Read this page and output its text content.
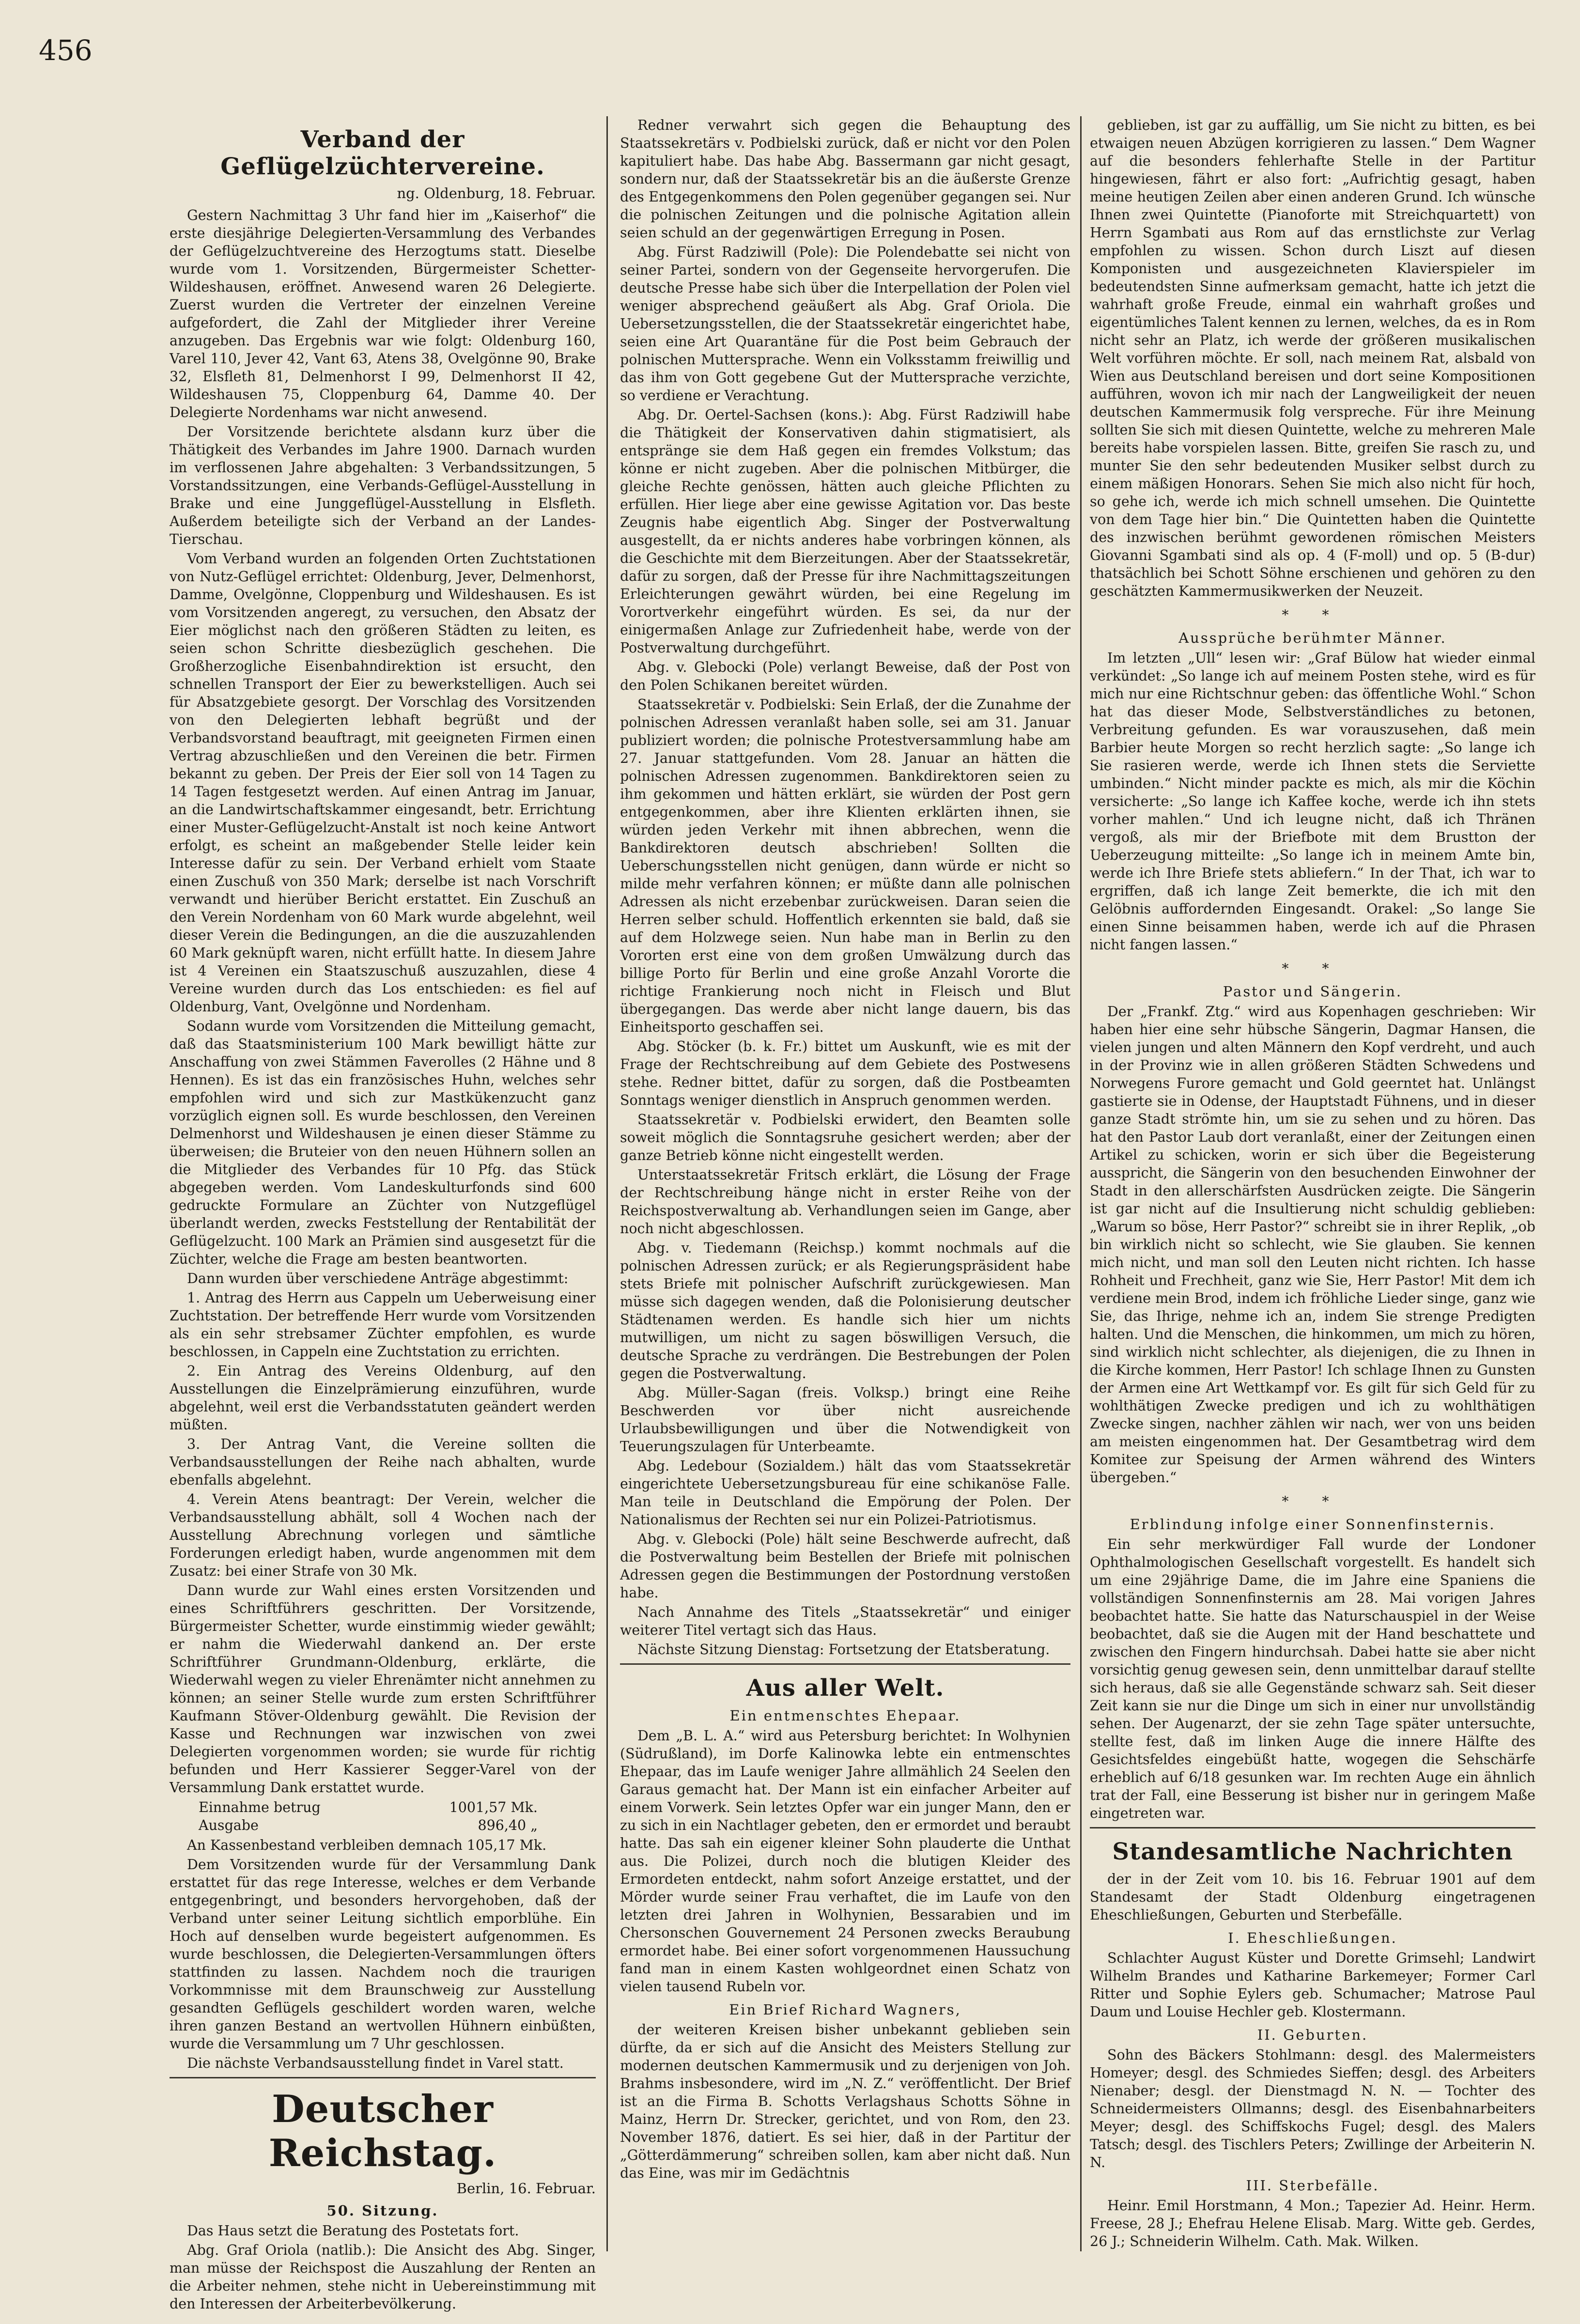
456
Verband der Geflügelzüchtervereine.
ng. Oldenburg, 18. Februar.

Gestern Nachmittag 3 Uhr fand hier im „Kaiserhof“ die erste diesjährige Delegierten-Versammlung des Verbandes der Geflügelzuchtvereine des Herzogtums statt. Dieselbe wurde vom 1. Vorsitzenden, Bürgermeister Schetter-Wildeshausen, eröffnet. Anwesend waren 26 Delegierte. Zuerst wurden die Vertreter der einzelnen Vereine aufgefordert, die Zahl der Mitglieder ihrer Vereine anzugeben. Das Ergebnis war wie folgt: Oldenburg 160, Varel 110, Jever 42, Vant 63, Atens 38, Ovelgönne 90, Brake 32, Elsfleth 81, Delmenhorst I 99, Delmenhorst II 42, Wildeshausen 75, Cloppenburg 64, Damme 40. Der Delegierte Nordenhams war nicht anwesend.

Der Vorsitzende berichtete alsdann kurz über die Thätigkeit des Verbandes im Jahre 1900. Darnach wurden im verflossenen Jahre abgehalten: 3 Verbandssitzungen, 5 Vorstandssitzungen, eine Verbands-Geflügel-Ausstellung in Brake und eine Junggeflügel-Ausstellung in Elsfleth. Außerdem beteiligte sich der Verband an der Landes-Tierschau.

Vom Verband wurden an folgenden Orten Zuchtstationen von Nutz-Geflügel errichtet: Oldenburg, Jever, Delmenhorst, Damme, Ovelgönne, Cloppenburg und Wildeshausen. Es ist vom Vorsitzenden angeregt, zu versuchen, den Absatz der Eier möglichst nach den größeren Städten zu leiten, es seien schon Schritte diesbezüglich geschehen. Die Großherzogliche Eisenbahndirektion ist ersucht, den schnellen Transport der Eier zu bewerkstelligen. Auch sei für Absatzgebiete gesorgt. Der Vorschlag des Vorsitzenden von den Delegierten lebhaft begrüßt und der Verbandsvorstand beauftragt, mit geeigneten Firmen einen Vertrag abzuschließen und den Vereinen die betr. Firmen bekannt zu geben. Der Preis der Eier soll von 14 Tagen zu 14 Tagen festgesetzt werden. Auf einen Antrag im Januar, an die Landwirtschaftskammer eingesandt, betr. Errichtung einer Muster-Geflügelzucht-Anstalt ist noch keine Antwort erfolgt, es scheint an maßgebender Stelle leider kein Interesse dafür zu sein. Der Verband erhielt vom Staate einen Zuschuß von 350 Mark; derselbe ist nach Vorschrift verwandt und hierüber Bericht erstattet. Ein Zuschuß an den Verein Nordenham von 60 Mark wurde abgelehnt, weil dieser Verein die Bedingungen, an die die auszuzahlenden 60 Mark geknüpft waren, nicht erfüllt hatte. In diesem Jahre ist 4 Vereinen ein Staatszuschuß auszuzahlen, diese 4 Vereine wurden durch das Los entschieden: es fiel auf Oldenburg, Vant, Ovelgönne und Nordenham.

Sodann wurde vom Vorsitzenden die Mitteilung gemacht, daß das Staatsministerium 100 Mark bewilligt hätte zur Anschaffung von zwei Stämmen Faverolles (2 Hähne und 8 Hennen). Es ist das ein französisches Huhn, welches sehr empfohlen wird und sich zur Mastkükenzucht ganz vorzüglich eignen soll. Es wurde beschlossen, den Vereinen Delmenhorst und Wildeshausen je einen dieser Stämme zu überweisen; die Bruteier von den neuen Hühnern sollen an die Mitglieder des Verbandes für 10 Pfg. das Stück abgegeben werden. Vom Landeskulturfonds sind 600 gedruckte Formulare an Züchter von Nutzgeflügel überlandt werden, zwecks Feststellung der Rentabilität der Geflügelzucht. 100 Mark an Prämien sind ausgesetzt für die Züchter, welche die Frage am besten beantworten.

Dann wurden über verschiedene Anträge abgestimmt:

1. Antrag des Herrn aus Cappeln um Ueberweisung einer Zuchtstation. Der betreffende Herr wurde vom Vorsitzenden als ein sehr strebsamer Züchter empfohlen, es wurde beschlossen, in Cappeln eine Zuchtstation zu errichten.

2. Ein Antrag des Vereins Oldenburg, auf den Ausstellungen die Einzelprämierung einzuführen, wurde abgelehnt, weil erst die Verbandsstatuten geändert werden müßten.

3. Der Antrag Vant, die Vereine sollten die Verbandsausstellungen der Reihe nach abhalten, wurde ebenfalls abgelehnt.

4. Verein Atens beantragt: Der Verein, welcher die Verbandsausstellung abhält, soll 4 Wochen nach der Ausstellung Abrechnung vorlegen und sämtliche Forderungen erledigt haben, wurde angenommen mit dem Zusatz: bei einer Strafe von 30 Mk.

Dann wurde zur Wahl eines ersten Vorsitzenden und eines Schriftführers geschritten. Der Vorsitzende, Bürgermeister Schetter, wurde einstimmig wieder gewählt; er nahm die Wiederwahl dankend an. Der erste Schriftführer Grundmann-Oldenburg, erklärte, die Wiederwahl wegen zu vieler Ehrenämter nicht annehmen zu können; an seiner Stelle wurde zum ersten Schriftführer Kaufmann Stöver-Oldenburg gewählt. Die Revision der Kasse und Rechnungen war inzwischen von zwei Delegierten vorgenommen worden; sie wurde für richtig befunden und Herr Kassierer Segger-Varel von der Versammlung Dank erstattet wurde.

Einnahme betrug	1001,57 Mk.
Ausgabe	896,40 „

An Kassenbestand verbleiben demnach 105,17 Mk.

Dem Vorsitzenden wurde für der Versammlung Dank erstattet für das rege Interesse, welches er dem Verbande entgegenbringt, und besonders hervorgehoben, daß der Verband unter seiner Leitung sichtlich emporblühe. Ein Hoch auf denselben wurde begeistert aufgenommen. Es wurde beschlossen, die Delegierten-Versammlungen öfters stattfinden zu lassen. Nachdem noch die traurigen Vorkommnisse mit dem Braunschweig zur Ausstellung gesandten Geflügels geschildert worden waren, welche ihren ganzen Bestand an wertvollen Hühnern einbüßten, wurde die Versammlung um 7 Uhr geschlossen.

Die nächste Verbandsausstellung findet in Varel statt.

Deutscher Reichstag.
Berlin, 16. Februar.
50. Sitzung.

Das Haus setzt die Beratung des Postetats fort.

Abg. Graf Oriola (natlib.): Die Ansicht des Abg. Singer, man müsse der Reichspost die Auszahlung der Renten an die Arbeiter nehmen, stehe nicht in Uebereinstimmung mit den Interessen der Arbeiterbevölkerung.

Redner verwahrt sich gegen die Behauptung des Staatssekretärs v. Podbielski zurück, daß er nicht vor den Polen kapituliert habe. Das habe Abg. Bassermann gar nicht gesagt, sondern nur, daß der Staatssekretär bis an die äußerste Grenze des Entgegenkommens den Polen gegenüber gegangen sei. Nur die polnischen Zeitungen und die polnische Agitation allein seien schuld an der gegenwärtigen Erregung in Posen.

Abg. Fürst Radziwill (Pole): Die Polendebatte sei nicht von seiner Partei, sondern von der Gegenseite hervorgerufen. Die deutsche Presse habe sich über die Interpellation der Polen viel weniger absprechend geäußert als Abg. Graf Oriola. Die Uebersetzungsstellen, die der Staatssekretär eingerichtet habe, seien eine Art Quarantäne für die Post beim Gebrauch der polnischen Muttersprache. Wenn ein Volksstamm freiwillig und das ihm von Gott gegebene Gut der Muttersprache verzichte, so verdiene er Verachtung.

Abg. Dr. Oertel-Sachsen (kons.): Abg. Fürst Radziwill habe die Thätigkeit der Konservativen dahin stigmatisiert, als entspränge sie dem Haß gegen ein fremdes Volkstum; das könne er nicht zugeben. Aber die polnischen Mitbürger, die gleiche Rechte genössen, hätten auch gleiche Pflichten zu erfüllen. Hier liege aber eine gewisse Agitation vor. Das beste Zeugnis habe eigentlich Abg. Singer der Postverwaltung ausgestellt, da er nichts anderes habe vorbringen können, als die Geschichte mit dem Bierzeitungen. Aber der Staatssekretär, dafür zu sorgen, daß der Presse für ihre Nachmittagszeitungen Erleichterungen gewährt würden, bei eine Regelung im Vorortverkehr eingeführt würden. Es sei, da nur der einigermaßen Anlage zur Zufriedenheit habe, werde von der Postverwaltung durchgeführt.

Abg. v. Glebocki (Pole) verlangt Beweise, daß der Post von den Polen Schikanen bereitet würden.

Staatssekretär v. Podbielski: Sein Erlaß, der die Zunahme der polnischen Adressen veranlaßt haben solle, sei am 31. Januar publiziert worden; die polnische Protestversammlung habe am 27. Januar stattgefunden. Vom 28. Januar an hätten die polnischen Adressen zugenommen. Bankdirektoren seien zu ihm gekommen und hätten erklärt, sie würden der Post gern entgegenkommen, aber ihre Klienten erklärten ihnen, sie würden jeden Verkehr mit ihnen abbrechen, wenn die Bankdirektoren deutsch abschrieben! Sollten die Ueberschungsstellen nicht genügen, dann würde er nicht so milde mehr verfahren können; er müßte dann alle polnischen Adressen als nicht erzebenbar zurückweisen. Daran seien die Herren selber schuld. Hoffentlich erkennten sie bald, daß sie auf dem Holzwege seien. Nun habe man in Berlin zu den Vororten erst eine von dem großen Umwälzung durch das billige Porto für Berlin und eine große Anzahl Vororte die richtige Frankierung noch nicht in Fleisch und Blut übergegangen. Das werde aber nicht lange dauern, bis das Einheitsporto geschaffen sei.

Abg. Stöcker (b. k. Fr.) bittet um Auskunft, wie es mit der Frage der Rechtschreibung auf dem Gebiete des Postwesens stehe. Redner bittet, dafür zu sorgen, daß die Postbeamten Sonntags weniger dienstlich in Anspruch genommen werden.

Staatssekretär v. Podbielski erwidert, den Beamten solle soweit möglich die Sonntagsruhe gesichert werden; aber der ganze Betrieb könne nicht eingestellt werden.

Unterstaatssekretär Fritsch erklärt, die Lösung der Frage der Rechtschreibung hänge nicht in erster Reihe von der Reichspostverwaltung ab. Verhandlungen seien im Gange, aber noch nicht abgeschlossen.

Abg. v. Tiedemann (Reichsp.) kommt nochmals auf die polnischen Adressen zurück; er als Regierungspräsident habe stets Briefe mit polnischer Aufschrift zurückgewiesen. Man müsse sich dagegen wenden, daß die Polonisierung deutscher Städtenamen werden. Es handle sich hier um nichts mutwilligen, um nicht zu sagen böswilligen Versuch, die deutsche Sprache zu verdrängen. Die Bestrebungen der Polen gegen die Postverwaltung.

Abg. Müller-Sagan (freis. Volksp.) bringt eine Reihe Beschwerden vor über nicht ausreichende Urlaubsbewilligungen und über die Notwendigkeit von Teuerungszulagen für Unterbeamte.

Abg. Ledebour (Sozialdem.) hält das vom Staatssekretär eingerichtete Uebersetzungsbureau für eine schikanöse Falle. Man teile in Deutschland die Empörung der Polen. Der Nationalismus der Rechten sei nur ein Polizei-Patriotismus.

Abg. v. Glebocki (Pole) hält seine Beschwerde aufrecht, daß die Postverwaltung beim Bestellen der Briefe mit polnischen Adressen gegen die Bestimmungen der Postordnung verstoßen habe.

Nach Annahme des Titels „Staatssekretär“ und einiger weiterer Titel vertagt sich das Haus.

Nächste Sitzung Dienstag: Fortsetzung der Etatsberatung.

Aus aller Welt.
Ein entmenschtes Ehepaar.

Dem „B. L. A.“ wird aus Petersburg berichtet: In Wolhynien (Südrußland), im Dorfe Kalinowka lebte ein entmenschtes Ehepaar, das im Laufe weniger Jahre allmählich 24 Seelen den Garaus gemacht hat. Der Mann ist ein einfacher Arbeiter auf einem Vorwerk. Sein letztes Opfer war ein junger Mann, den er zu sich in ein Nachtlager gebeten, den er ermordet und beraubt hatte. Das sah ein eigener kleiner Sohn plauderte die Unthat aus. Die Polizei, durch noch die blutigen Kleider des Ermordeten entdeckt, nahm sofort Anzeige erstattet, und der Mörder wurde seiner Frau verhaftet, die im Laufe von den letzten drei Jahren in Wolhynien, Bessarabien und im Chersonschen Gouvernement 24 Personen zwecks Beraubung ermordet habe. Bei einer sofort vorgenommenen Haussuchung fand man in einem Kasten wohlgeordnet einen Schatz von vielen tausend Rubeln vor.

Ein Brief Richard Wagners,

der weiteren Kreisen bisher unbekannt geblieben sein dürfte, da er sich auf die Ansicht des Meisters Stellung zur modernen deutschen Kammermusik und zu derjenigen von Joh. Brahms insbesondere, wird im „N. Z.“ veröffentlicht. Der Brief ist an die Firma B. Schotts Verlagshaus Schotts Söhne in Mainz, Herrn Dr. Strecker, gerichtet, und von Rom, den 23. November 1876, datiert. Es sei hier, daß in der Partitur der „Götterdämmerung“ schreiben sollen, kam aber nicht daß. Nun das Eine, was mir im Gedächtnis

geblieben, ist gar zu auffällig, um Sie nicht zu bitten, es bei etwaigen neuen Abzügen korrigieren zu lassen.“ Dem Wagner auf die besonders fehlerhafte Stelle in der Partitur hingewiesen, fährt er also fort: „Aufrichtig gesagt, haben meine heutigen Zeilen aber einen anderen Grund. Ich wünsche Ihnen zwei Quintette (Pianoforte mit Streichquartett) von Herrn Sgambati aus Rom auf das ernstlichste zur Verlag empfohlen zu wissen. Schon durch Liszt auf diesen Komponisten und ausgezeichneten Klavierspieler im bedeutendsten Sinne aufmerksam gemacht, hatte ich jetzt die wahrhaft große Freude, einmal ein wahrhaft großes und eigentümliches Talent kennen zu lernen, welches, da es in Rom nicht sehr an Platz, ich werde der größeren musikalischen Welt vorführen möchte. Er soll, nach meinem Rat, alsbald von Wien aus Deutschland bereisen und dort seine Kompositionen aufführen, wovon ich mir nach der Langweiligkeit der neuen deutschen Kammermusik folg verspreche. Für ihre Meinung sollten Sie sich mit diesen Quintette, welche zu mehreren Male bereits habe vorspielen lassen. Bitte, greifen Sie rasch zu, und munter Sie den sehr bedeutenden Musiker selbst durch zu einem mäßigen Honorars. Sehen Sie mich also nicht für hoch, so gehe ich, werde ich mich schnell umsehen. Die Quintette von dem Tage hier bin.“ Die Quintetten haben die Quintette des inzwischen berühmt gewordenen römischen Meisters Giovanni Sgambati sind als op. 4 (F-moll) und op. 5 (B-dur) thatsächlich bei Schott Söhne erschienen und gehören zu den geschätzten Kammermusikwerken der Neuzeit.

* *
Aussprüche berühmter Männer.

Im letzten „Ull“ lesen wir: „Graf Bülow hat wieder einmal verkündet: „So lange ich auf meinem Posten stehe, wird es für mich nur eine Richtschnur geben: das öffentliche Wohl.“ Schon hat das dieser Mode, Selbstverständliches zu betonen, Verbreitung gefunden. Es war vorauszusehen, daß mein Barbier heute Morgen so recht herzlich sagte: „So lange ich Sie rasieren werde, werde ich Ihnen stets die Serviette umbinden.“ Nicht minder packte es mich, als mir die Köchin versicherte: „So lange ich Kaffee koche, werde ich ihn stets vorher mahlen.“ Und ich leugne nicht, daß ich Thränen vergoß, als mir der Briefbote mit dem Brustton der Ueberzeugung mitteilte: „So lange ich in meinem Amte bin, werde ich Ihre Briefe stets abliefern.“ In der That, ich war to ergriffen, daß ich lange Zeit bemerkte, die ich mit den Gelöbnis auffordernden Eingesandt. Orakel: „So lange Sie einen Sinne beisammen haben, werde ich auf die Phrasen nicht fangen lassen.“

* *
Pastor und Sängerin.

Der „Frankf. Ztg.“ wird aus Kopenhagen geschrieben: Wir haben hier eine sehr hübsche Sängerin, Dagmar Hansen, die vielen jungen und alten Männern den Kopf verdreht, und auch in der Provinz wie in allen größeren Städten Schwedens und Norwegens Furore gemacht und Gold geerntet hat. Unlängst gastierte sie in Odense, der Hauptstadt Fühnens, und in dieser ganze Stadt strömte hin, um sie zu sehen und zu hören. Das hat den Pastor Laub dort veranlaßt, einer der Zeitungen einen Artikel zu schicken, worin er sich über die Begeisterung ausspricht, die Sängerin von den besuchenden Einwohner der Stadt in den allerschärfsten Ausdrücken zeigte. Die Sängerin ist gar nicht auf die Insultierung nicht schuldig geblieben: „Warum so böse, Herr Pastor?“ schreibt sie in ihrer Replik, „ob bin wirklich nicht so schlecht, wie Sie glauben. Sie kennen mich nicht, und man soll den Leuten nicht richten. Ich hasse Rohheit und Frechheit, ganz wie Sie, Herr Pastor! Mit dem ich verdiene mein Brod, indem ich fröhliche Lieder singe, ganz wie Sie, das Ihrige, nehme ich an, indem Sie strenge Predigten halten. Und die Menschen, die hinkommen, um mich zu hören, sind wirklich nicht schlechter, als diejenigen, die zu Ihnen in die Kirche kommen, Herr Pastor! Ich schlage Ihnen zu Gunsten der Armen eine Art Wettkampf vor. Es gilt für sich Geld für zu wohlthätigen Zwecke predigen und ich zu wohlthätigen Zwecke singen, nachher zählen wir nach, wer von uns beiden am meisten eingenommen hat. Der Gesamtbetrag wird dem Komitee zur Speisung der Armen während des Winters übergeben.“

* *
Erblindung infolge einer Sonnenfinsternis.

Ein sehr merkwürdiger Fall wurde der Londoner Ophthalmologischen Gesellschaft vorgestellt. Es handelt sich um eine 29jährige Dame, die im Jahre eine Spaniens die vollständigen Sonnenfinsternis am 28. Mai vorigen Jahres beobachtet hatte. Sie hatte das Naturschauspiel in der Weise beobachtet, daß sie die Augen mit der Hand beschattete und zwischen den Fingern hindurchsah. Dabei hatte sie aber nicht vorsichtig genug gewesen sein, denn unmittelbar darauf stellte sich heraus, daß sie alle Gegenstände schwarz sah. Seit dieser Zeit kann sie nur die Dinge um sich in einer nur unvollständig sehen. Der Augenarzt, der sie zehn Tage später untersuchte, stellte fest, daß im linken Auge die innere Hälfte des Gesichtsfeldes eingebüßt hatte, wogegen die Sehschärfe erheblich auf 6/18 gesunken war. Im rechten Auge ein ähnlich trat der Fall, eine Besserung ist bisher nur in geringem Maße eingetreten war.

Standesamtliche Nachrichten

der in der Zeit vom 10. bis 16. Februar 1901 auf dem Standesamt der Stadt Oldenburg eingetragenen Eheschließungen, Geburten und Sterbefälle.

I. Eheschließungen.

Schlachter August Küster und Dorette Grimsehl; Landwirt Wilhelm Brandes und Katharine Barkemeyer; Former Carl Ritter und Sophie Eylers geb. Schumacher; Matrose Paul Daum und Louise Hechler geb. Klostermann.

II. Geburten.

Sohn des Bäckers Stohlmann: desgl. des Malermeisters Homeyer; desgl. des Schmiedes Sieffen; desgl. des Arbeiters Nienaber; desgl. der Dienstmagd N. N. — Tochter des Schneidermeisters Ollmanns; desgl. des Eisenbahnarbeiters Meyer; desgl. des Schiffskochs Fugel; desgl. des Malers Tatsch; desgl. des Tischlers Peters; Zwillinge der Arbeiterin N. N.

III. Sterbefälle.

Heinr. Emil Horstmann, 4 Mon.; Tapezier Ad. Heinr. Herm. Freese, 28 J.; Ehefrau Helene Elisab. Marg. Witte geb. Gerdes, 26 J.; Schneiderin Wilhelm. Cath. Mak. Wilken.
